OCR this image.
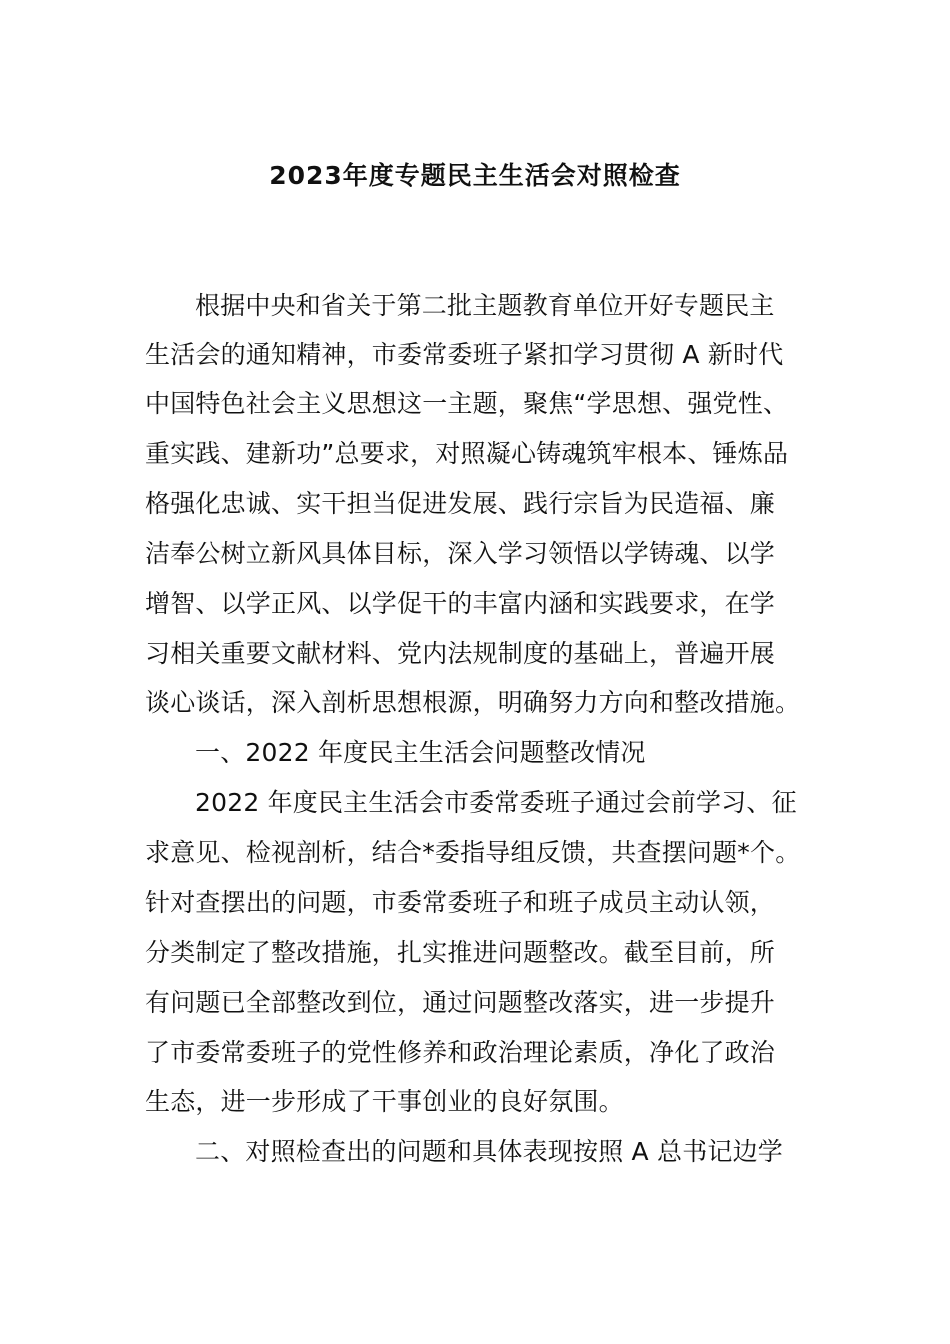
2023年度专题民主生活会对照检查
根据中央和省关于第二批主题教育单位开好专题民主
生活会的通知精神，市委常委班子紧扣学习贯彻 A 新时代
中国特色社会主义思想这一主题，聚焦“学思想、强党性、
重实践、建新功”总要求，对照凝心铸魂筑牢根本、锤炼品
格强化忠诚、实干担当促进发展、践行宗旨为民造福、廉
洁奉公树立新风具体目标，深入学习领悟以学铸魂、以学
增智、以学正风、以学促干的丰富内涵和实践要求，在学
习相关重要文献材料、党内法规制度的基础上，普遍开展
谈心谈话，深入剖析思想根源，明确努力方向和整改措施。
一、2022 年度民主生活会问题整改情况
2022 年度民主生活会市委常委班子通过会前学习、征
求意见、检视剖析，结合*委指导组反馈，共查摆问题*个。
针对查摆出的问题，市委常委班子和班子成员主动认领，
分类制定了整改措施，扎实推进问题整改。截至目前，所
有问题已全部整改到位，通过问题整改落实，进一步提升
了市委常委班子的党性修养和政治理论素质，净化了政治
生态，进一步形成了干事创业的良好氛围。
二、对照检查出的问题和具体表现按照 A 总书记边学
